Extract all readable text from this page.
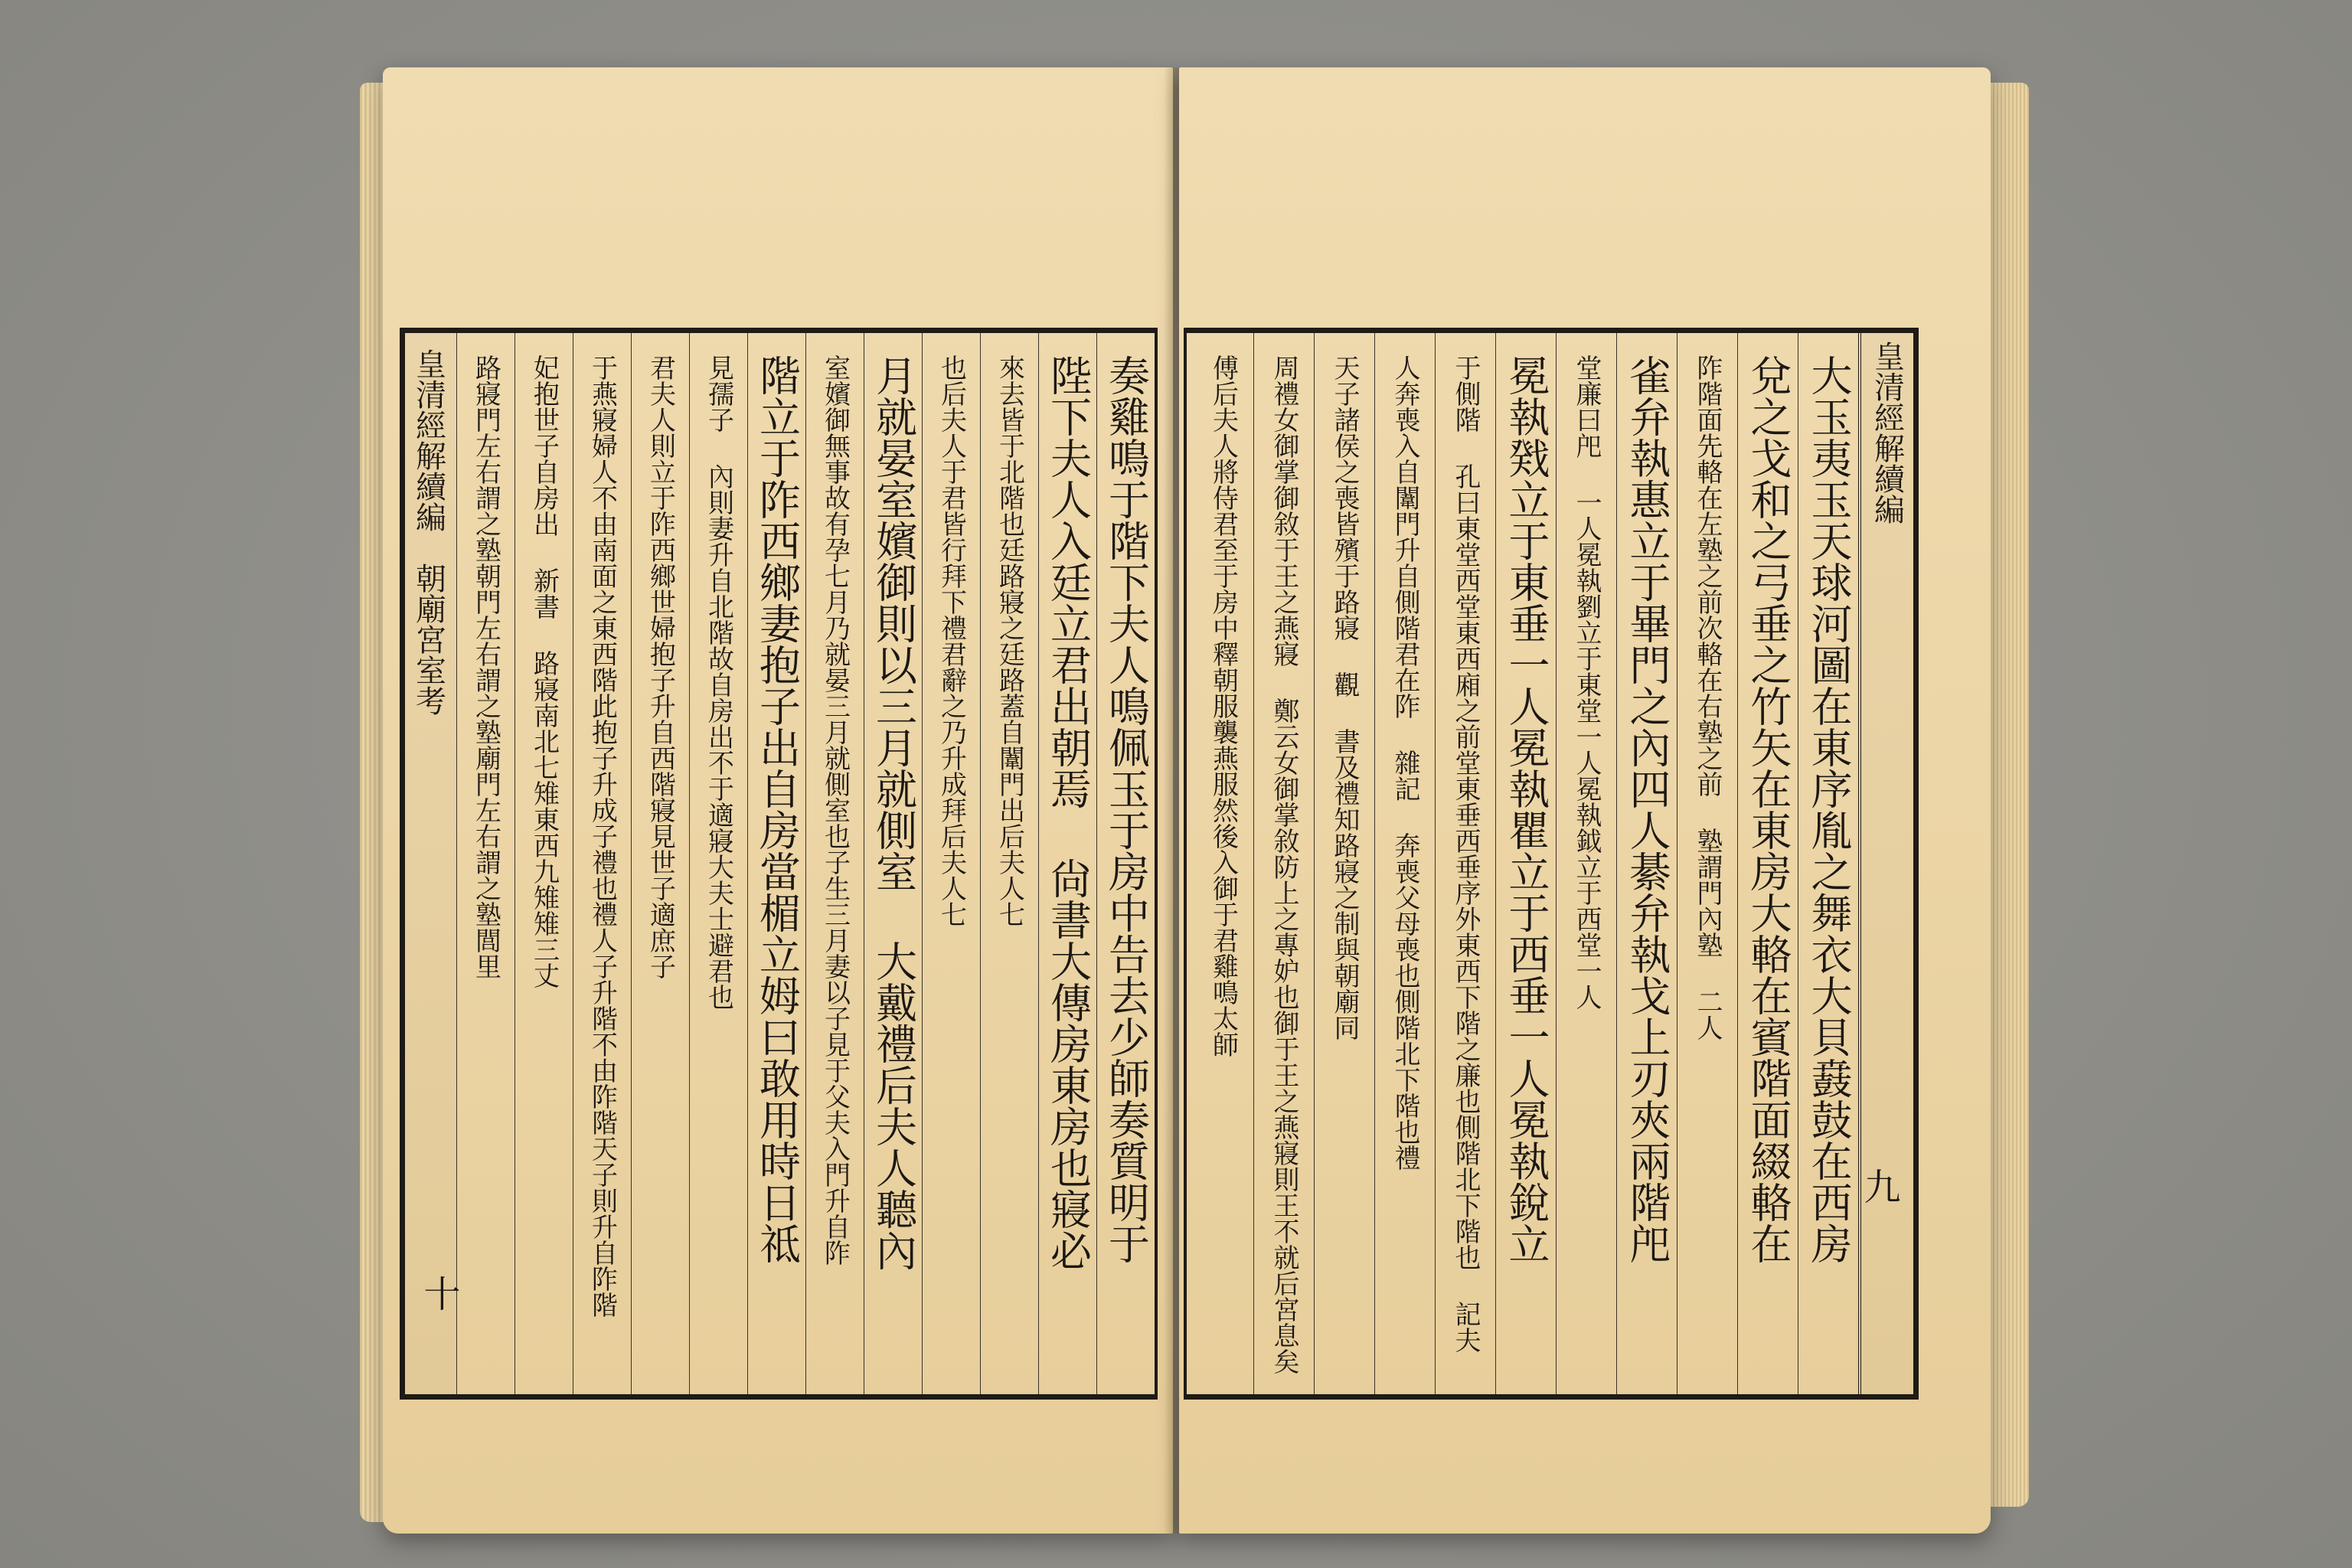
奏雞鳴于階下夫人鳴佩玉于房中告去少師奏質明于
陛下夫人入廷立君出朝焉 尙書大傳房東房也寢必
來去皆于北階也廷路寢之廷路蓋自闈門出后夫人七
也后夫人于君皆行拜下禮君辭之乃升成拜后夫人七
月就晏室嬪御則以三月就側室 大戴禮后夫人聽內
室嬪御無事故有孕七月乃就晏三月就側室也子生三月妻以子見于父夫入門升自阼
階立于阼西鄉妻抱子出自房當楣立姆曰敢用時日祗
見孺子 內則妻升自北階故自房出不于適寢大夫士避君也
君夫人則立于阼西鄉世婦抱子升自西階寢見世子適庶子
于燕寢婦人不由南面之東西階此抱子升成子禮也禮人子升階不由阼階天子則升自阼階
妃抱世子自房出 新書 路寢南北七雉東西九雉雉三丈
路寢門左右謂之塾朝門左右謂之塾廟門左右謂之塾閭里
皇清經解續編
朝廟宮室考
十
皇清經解續編
大玉夷玉天球河圖在東序胤之舞衣大貝鼖鼓在西房
兌之戈和之弓垂之竹矢在東房大輅在賓階面綴輅在
阼階面先輅在左塾之前次輅在右塾之前 塾謂門內塾 二人
雀弁執惠立于畢門之內四人綦弁執戈上刃夾兩階戺
堂廉曰戺 一人冕執劉立于東堂一人冕執鉞立于西堂一人
冕執戣立于東垂一人冕執瞿立于西垂一人冕執銳立
于側階 孔曰東堂西堂東西廂之前堂東垂西垂序外東西下階之廉也側階北下階也 記夫
人奔喪入自闈門升自側階君在阼 雜記 奔喪父母喪也側階北下階也禮
天子諸侯之喪皆殯于路寢 觀 書及禮知路寢之制與朝廟同
周禮女御掌御敘于王之燕寢 鄭云女御掌敘防上之專妒也御于王之燕寢則王不就后宮息矣
傅后夫人將侍君至于房中釋朝服襲燕服然後入御于君雞鳴太師
九
